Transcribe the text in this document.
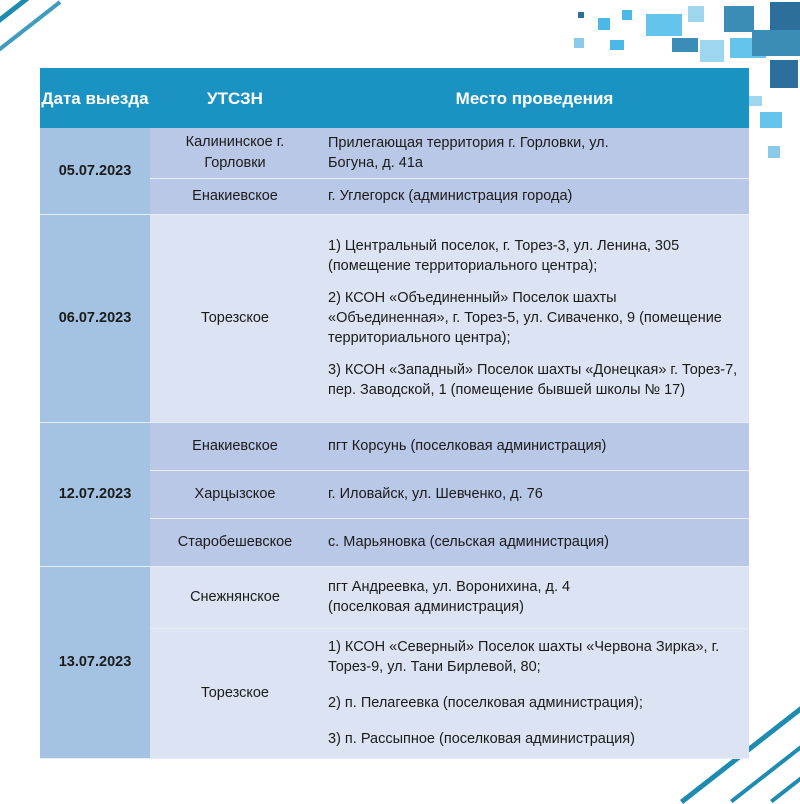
Дата выезда	УТСЗН	Место проведения
05.07.2023	Калининское г. Горловки	Прилегающая территория г. Горловки, ул. Богуна, д. 41а
	Енакиевское	г. Углегорск (администрация города)
06.07.2023	Торезское	1) Центральный поселок, г. Торез-3, ул. Ленина, 305 (помещение территориального центра);

2) КСОН «Объединенный» Поселок шахты «Объединенная», г. Торез-5, ул. Сиваченко, 9 (помещение территориального центра);

3) КСОН «Западный» Поселок шахты «Донецкая» г. Торез-7, пер. Заводской, 1 (помещение бывшей школы № 17)

12.07.2023	Енакиевское	пгт Корсунь (поселковая администрация)
	Харцызское	г. Иловайск, ул. Шевченко, д. 76
	Старобешевское	с. Марьяновка (сельская администрация)
13.07.2023	Снежнянское	пгт Андреевка, ул. Воронихина, д. 4 (поселковая администрация)
	Торезское	1) КСОН «Северный» Поселок шахты «Червона Зирка», г. Торез-9, ул. Тани Бирлевой, 80;

2) п. Пелагеевка (поселковая администрация);

3) п. Рассыпное (поселковая администрация)
